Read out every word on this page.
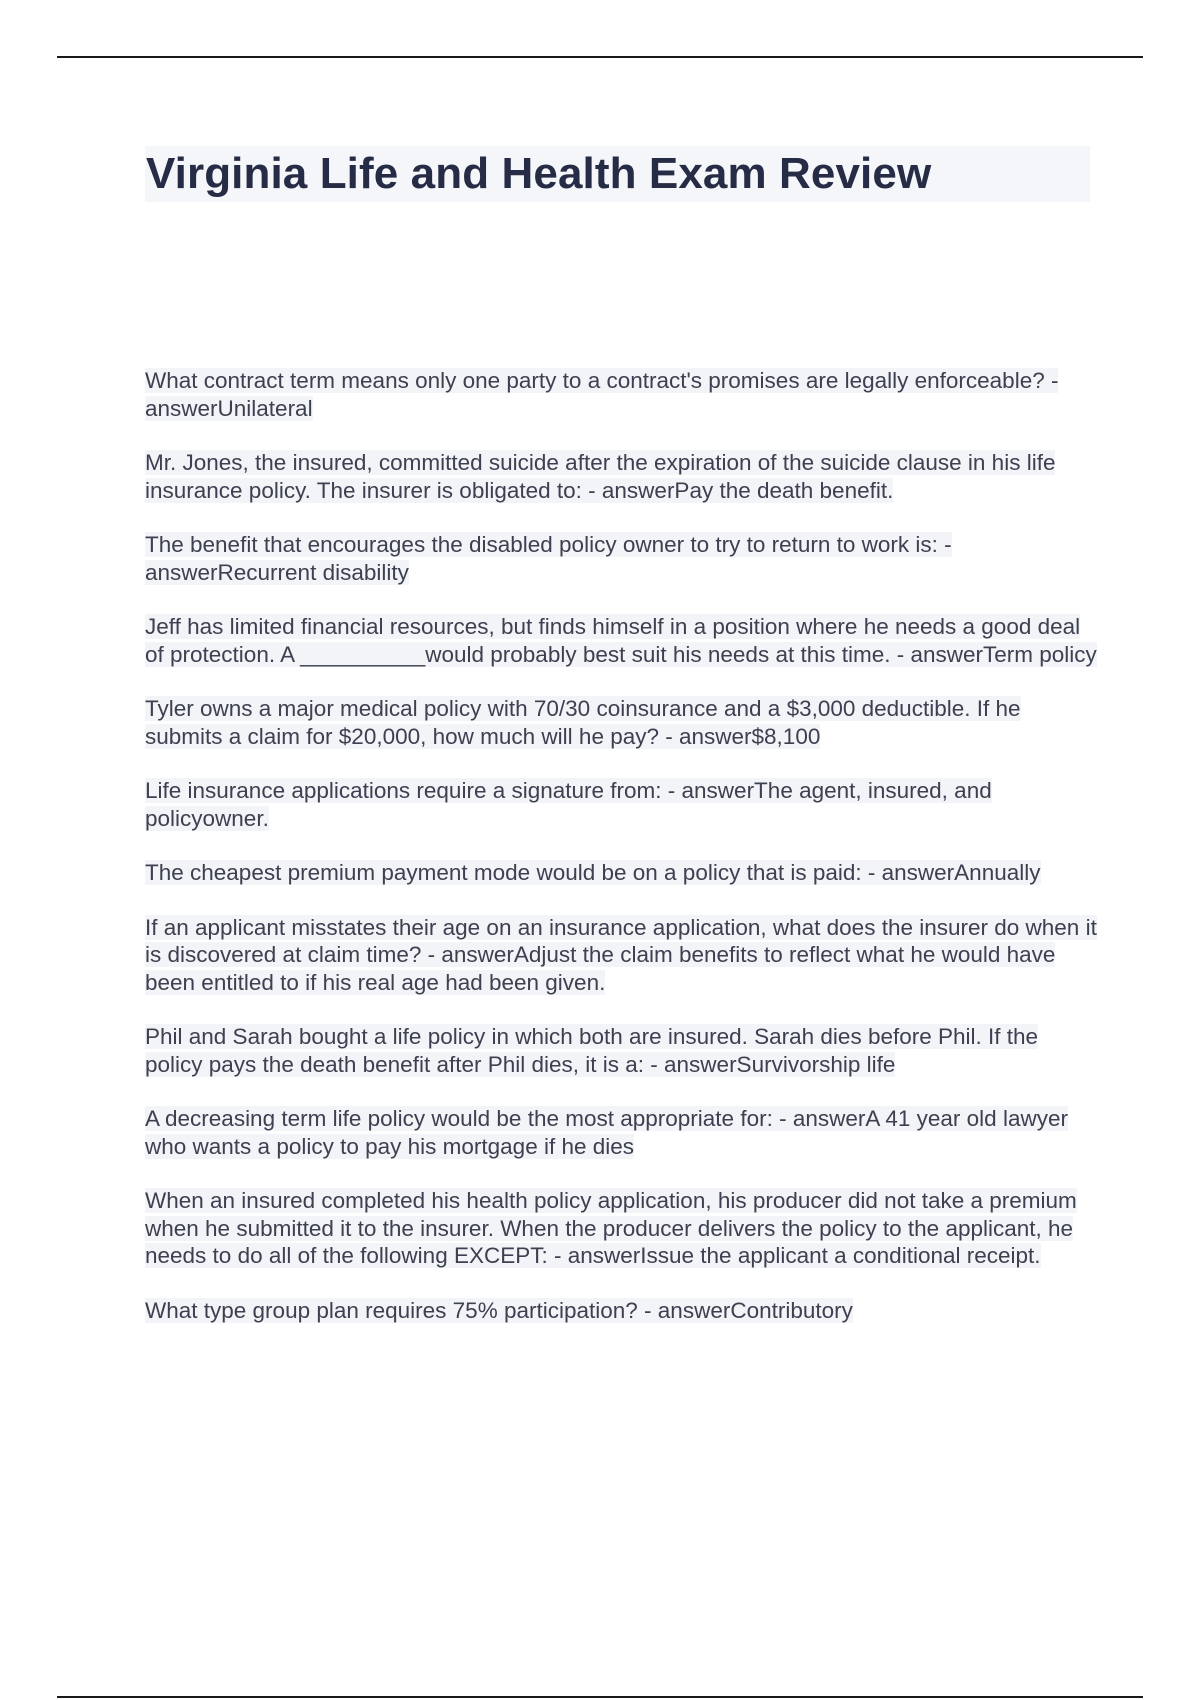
Virginia Life and Health Exam Review

What contract term means only one party to a contract's promises are legally enforceable? - answerUnilateral

Mr. Jones, the insured, committed suicide after the expiration of the suicide clause in his life insurance policy. The insurer is obligated to: - answerPay the death benefit.

The benefit that encourages the disabled policy owner to try to return to work is: - answerRecurrent disability

Jeff has limited financial resources, but finds himself in a position where he needs a good deal of protection. A __________would probably best suit his needs at this time. - answerTerm policy

Tyler owns a major medical policy with 70/30 coinsurance and a $3,000 deductible. If he submits a claim for $20,000, how much will he pay? - answer$8,100

Life insurance applications require a signature from: - answerThe agent, insured, and policyowner.

The cheapest premium payment mode would be on a policy that is paid: - answerAnnually

If an applicant misstates their age on an insurance application, what does the insurer do when it is discovered at claim time? - answerAdjust the claim benefits to reflect what he would have been entitled to if his real age had been given.

Phil and Sarah bought a life policy in which both are insured. Sarah dies before Phil. If the policy pays the death benefit after Phil dies, it is a: - answerSurvivorship life

A decreasing term life policy would be the most appropriate for: - answerA 41 year old lawyer who wants a policy to pay his mortgage if he dies

When an insured completed his health policy application, his producer did not take a premium when he submitted it to the insurer. When the producer delivers the policy to the applicant, he needs to do all of the following EXCEPT: - answerIssue the applicant a conditional receipt.

What type group plan requires 75% participation? - answerContributory
